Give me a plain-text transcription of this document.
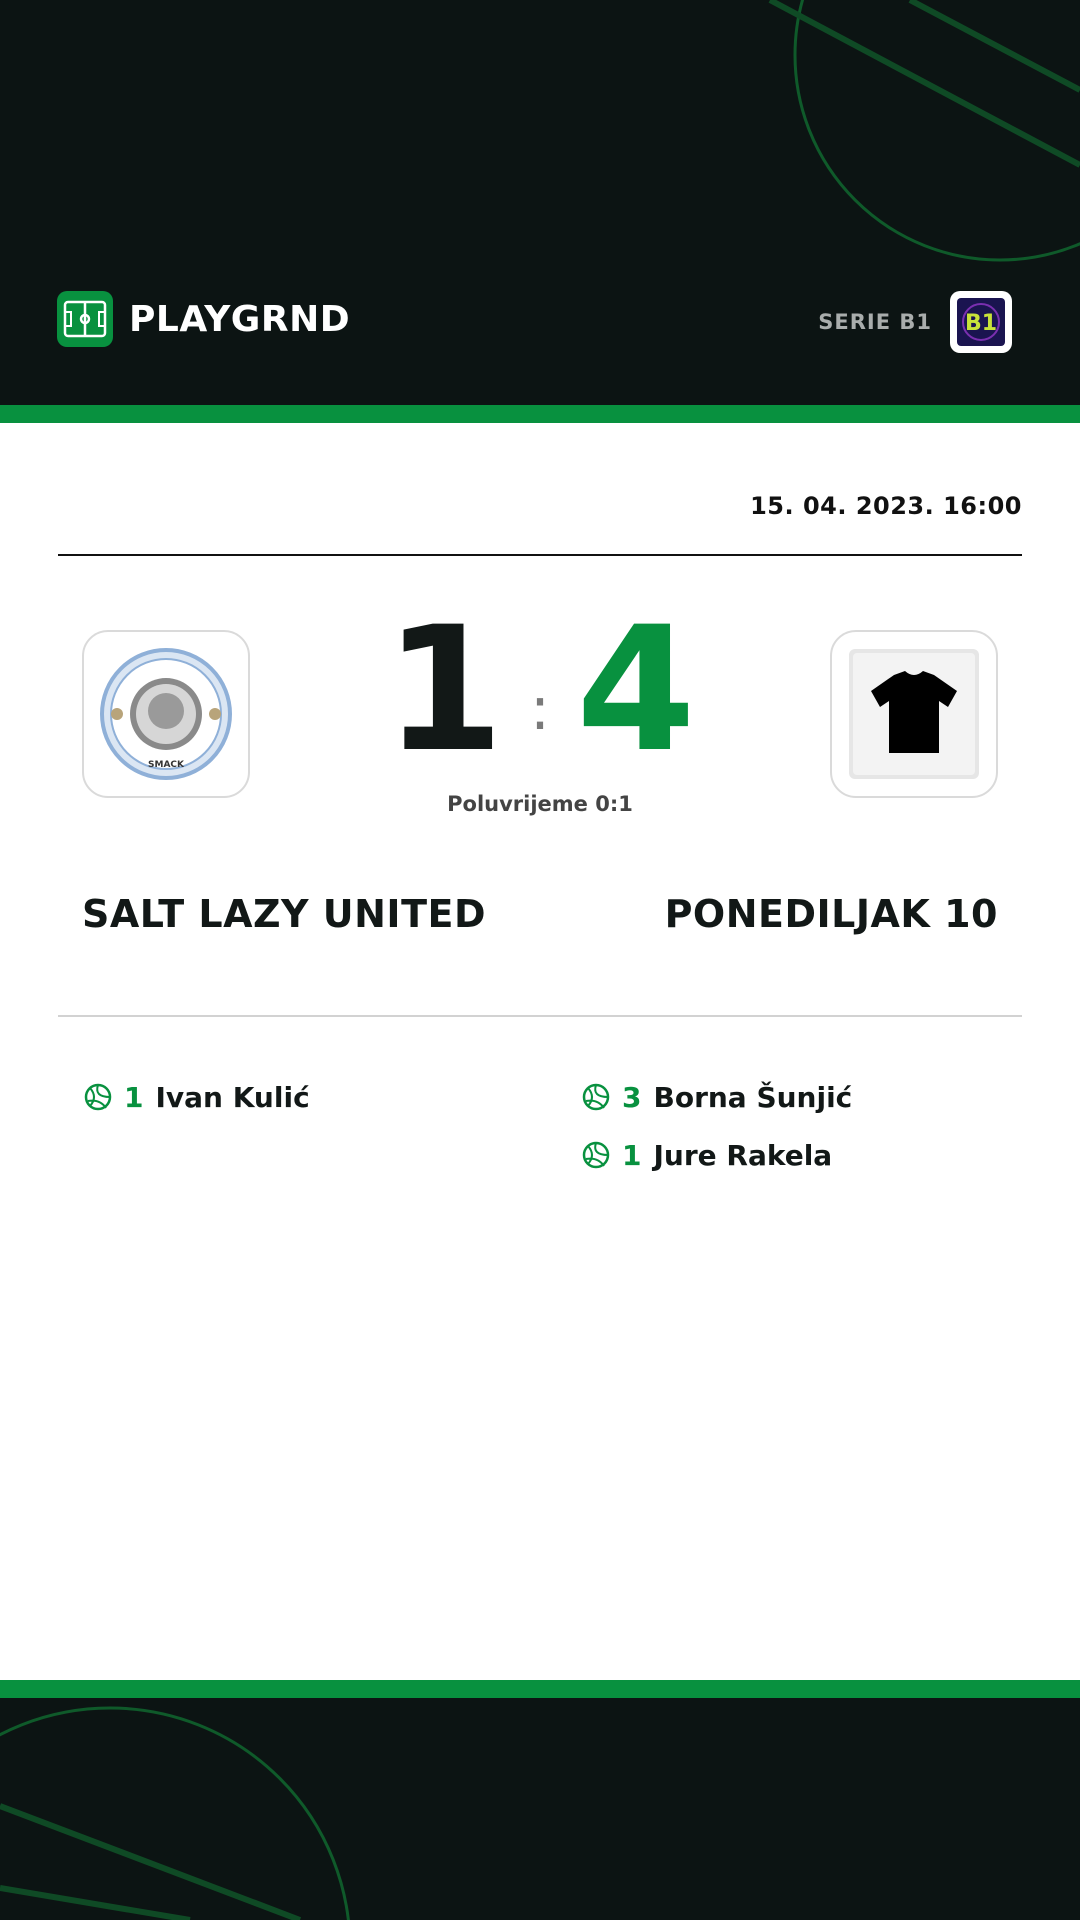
PLAYGRND	SERIE B1 B1
15. 04. 2023. 16:00
SMACK 1 : 4
Poluvrijeme 0:1
SALT LAZY UNITED	PONEDILJAK 10
1 Ivan Kulić	3 Borna Šunjić
1 Jure Rakela
